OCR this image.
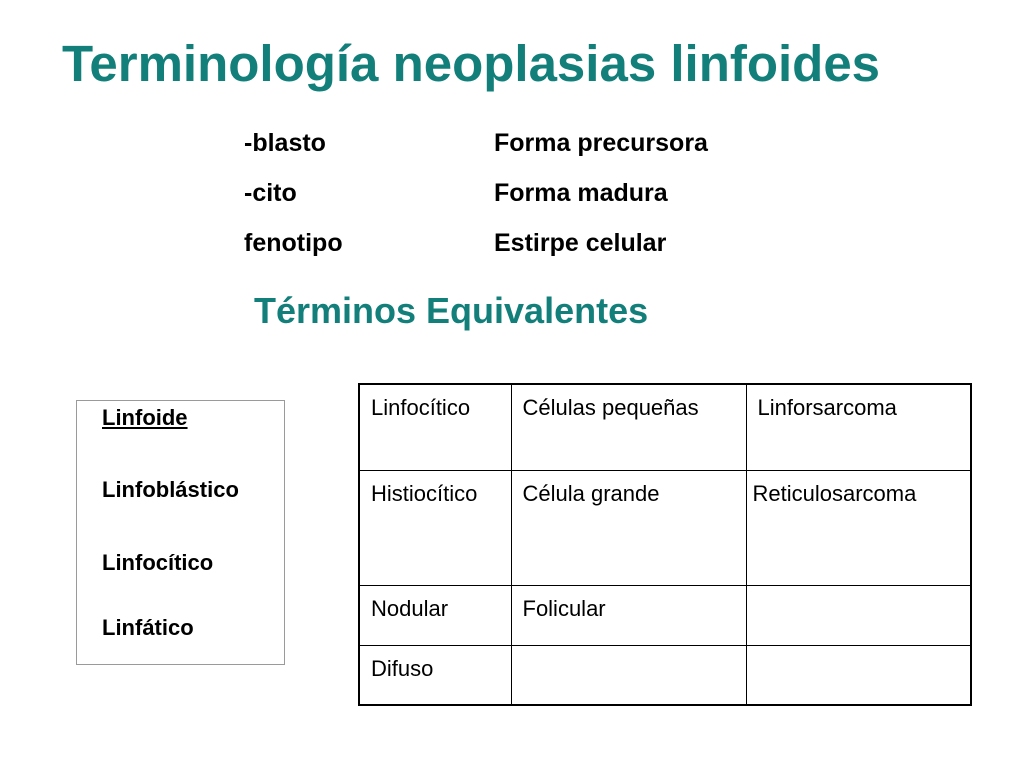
Terminología neoplasias linfoides
-blasto	Forma precursora
-cito	Forma madura
fenotipo	Estirpe celular
Términos Equivalentes
Linfoide
Linfoblástico
Linfocítico
Linfático
Linfocítico	Células pequeñas	Linforsarcoma
Histiocítico	Célula grande	Reticulosarcoma
Nodular	Folicular	
Difuso		
